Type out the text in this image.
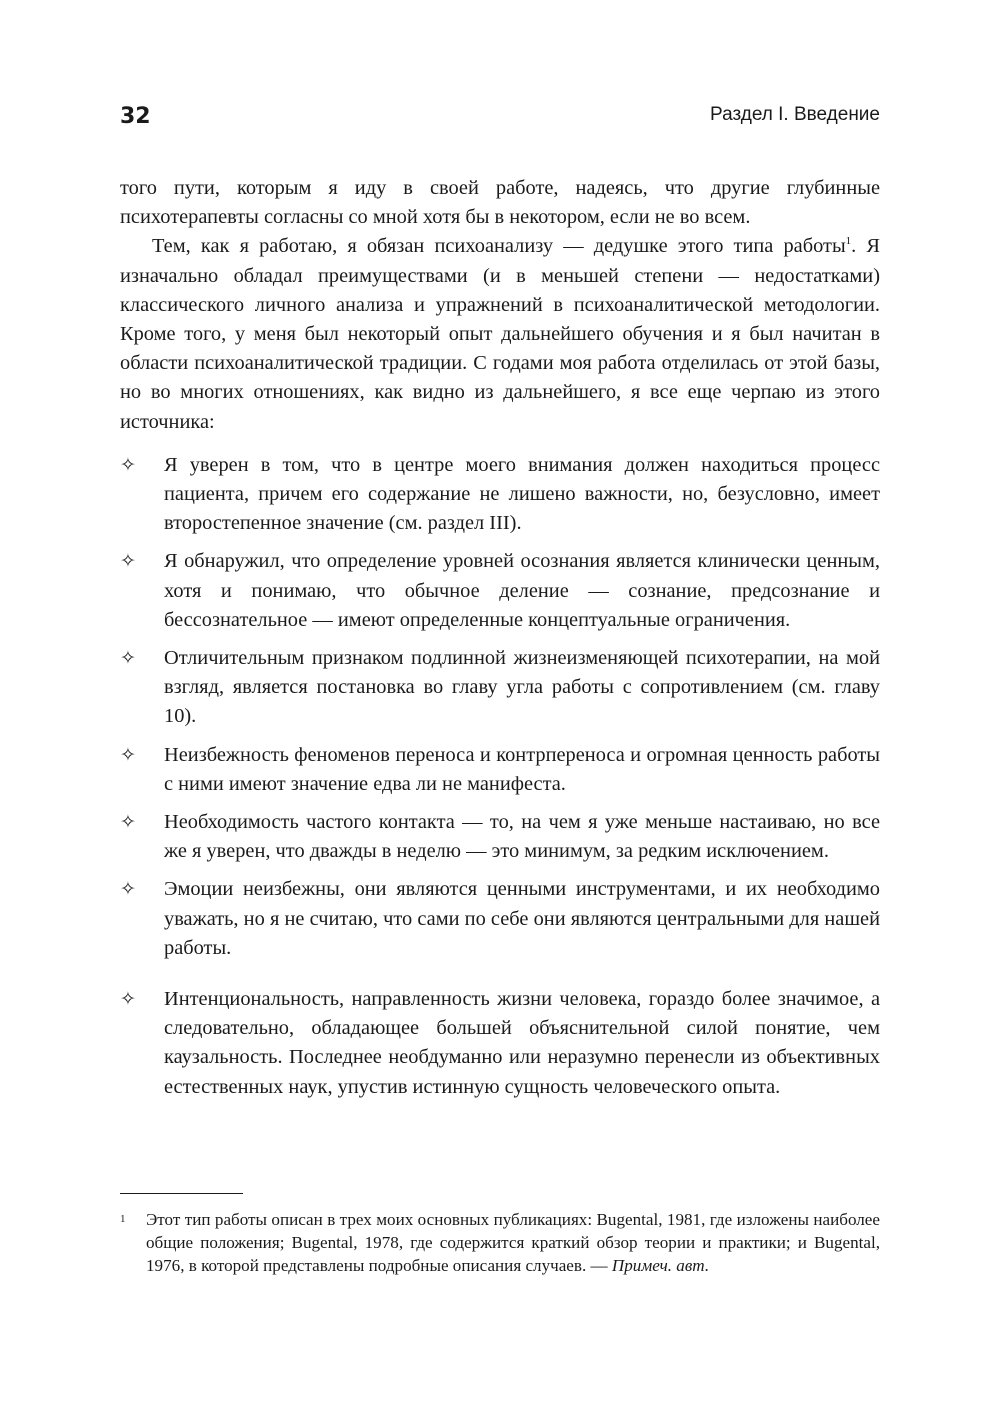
32	Раздел I. Введение

того пути, которым я иду в своей работе, надеясь, что другие глубинные психотерапевты согласны со мной хотя бы в некотором, если не во всем.

Тем, как я работаю, я обязан психоанализу — дедушке этого типа работы$^1$. Я изначально обладал преимуществами (и в меньшей степени — недостатками) классического личного анализа и упражнений в психоаналитической методологии. Кроме того, у меня был некоторый опыт дальнейшего обучения и я был начитан в области психоаналитической традиции. С годами моя работа отделилась от этой базы, но во многих отношениях, как видно из дальнейшего, я все еще черпаю из этого источника:

✧ Я уверен в том, что в центре моего внимания должен находиться процесс пациента, причем его содержание не лишено важности, но, безусловно, имеет второстепенное значение (см. раздел III).
✧ Я обнаружил, что определение уровней осознания является клинически ценным, хотя и понимаю, что обычное деление — сознание, предсознание и бессознательное — имеют определенные концептуальные ограничения.
✧ Отличительным признаком подлинной жизнеизменяющей психотерапии, на мой взгляд, является постановка во главу угла работы с сопротивлением (см. главу 10).
✧ Неизбежность феноменов переноса и контрпереноса и огромная ценность работы с ними имеют значение едва ли не манифеста.
✧ Необходимость частого контакта — то, на чем я уже меньше настаиваю, но все же я уверен, что дважды в неделю — это минимум, за редким исключением.
✧ Эмоции неизбежны, они являются ценными инструментами, и их необходимо уважать, но я не считаю, что сами по себе они являются центральными для нашей работы.
✧ Интенциональность, направленность жизни человека, гораздо более значимое, а следовательно, обладающее большей объяснительной силой понятие, чем каузальность. Последнее необдуманно или неразумно перенесли из объективных естественных наук, упустив истинную сущность человеческого опыта.
1	Этот тип работы описан в трех моих основных публикациях: Bugental, 1981, где изложены наиболее общие положения; Bugental, 1978, где содержится краткий обзор теории и практики; и Bugental, 1976, в которой представлены подробные описания случаев. — Примеч. авт.
